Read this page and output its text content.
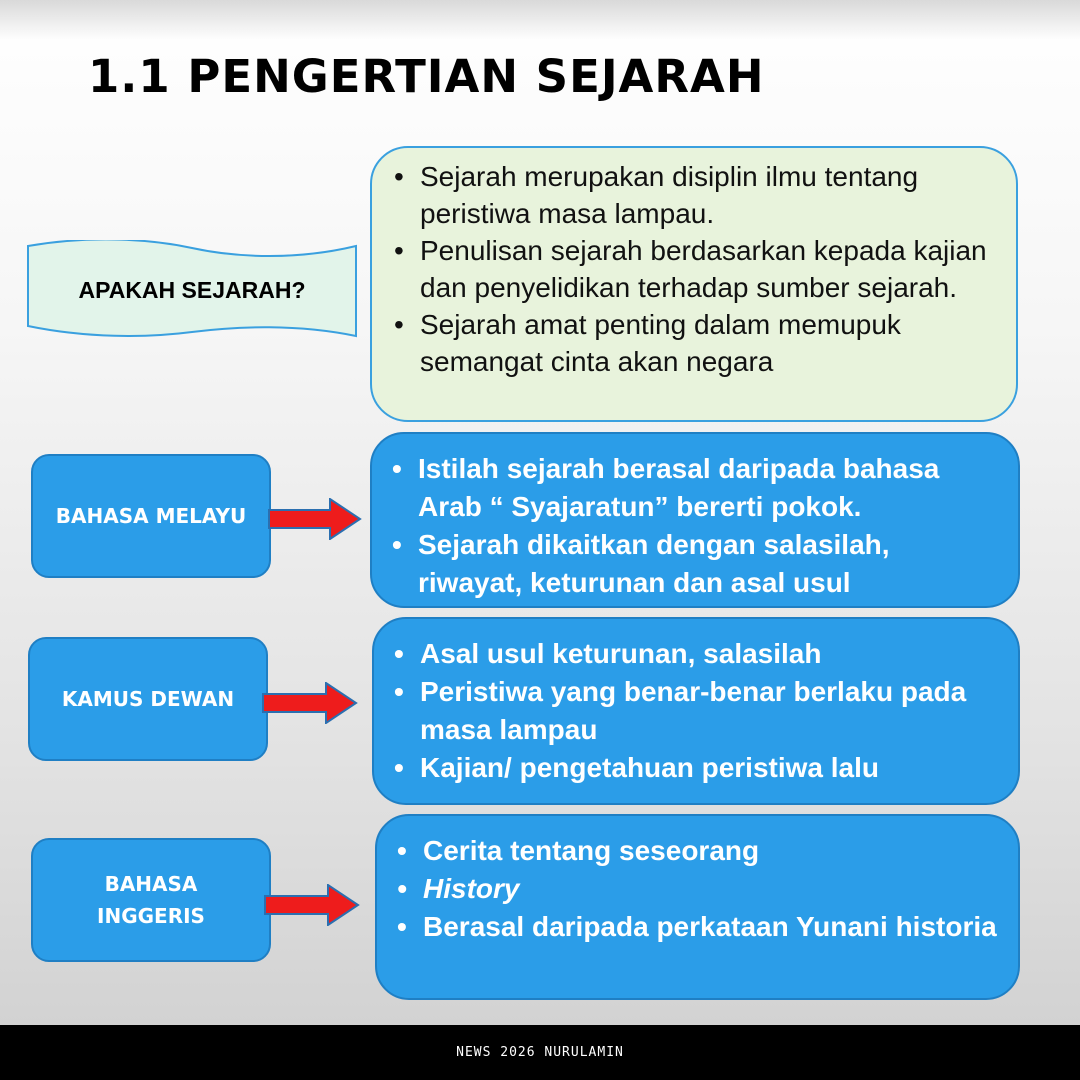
1.1 PENGERTIAN SEJARAH
APAKAH SEJARAH?
• Sejarah merupakan disiplin ilmu tentang peristiwa masa lampau.
• Penulisan sejarah berdasarkan kepada kajian dan penyelidikan terhadap sumber sejarah.
• Sejarah amat penting dalam memupuk semangat cinta akan negara
BAHASA MELAYU
• Istilah sejarah berasal daripada bahasa Arab “ Syajaratun” bererti pokok.
• Sejarah dikaitkan dengan salasilah, riwayat, keturunan dan asal usul
KAMUS DEWAN
• Asal usul keturunan, salasilah
• Peristiwa yang benar-benar berlaku pada masa lampau
• Kajian/ pengetahuan peristiwa lalu
BAHASA INGGERIS
• Cerita tentang seseorang
• History
• Berasal daripada perkataan Yunani historia
NEWS 2026 NURULAMIN
